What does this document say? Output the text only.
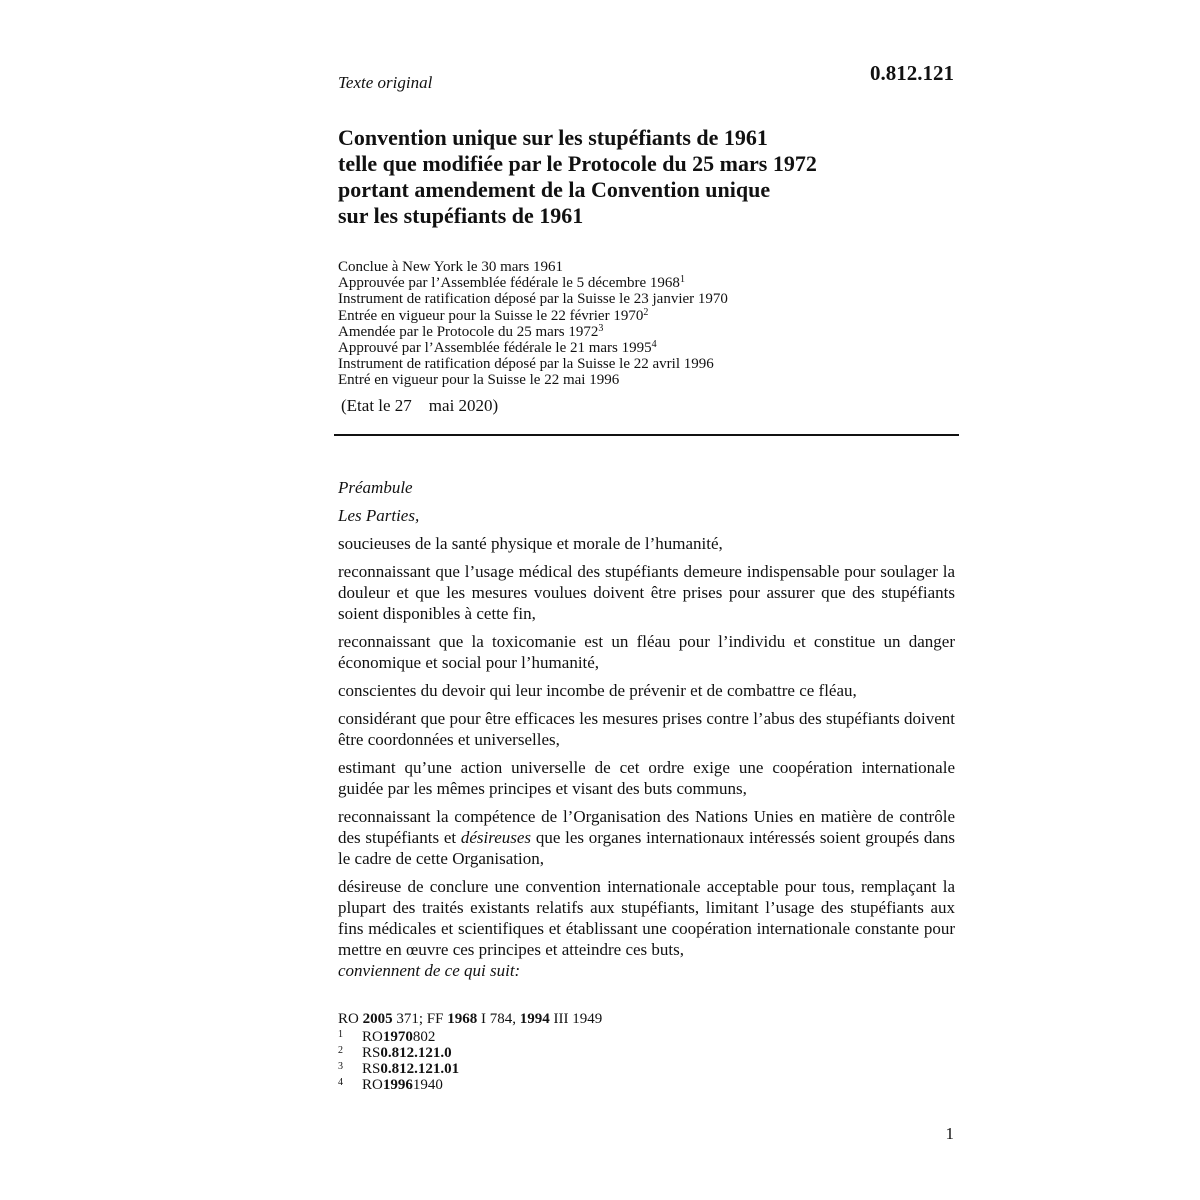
Texte original	0.812.121
Convention unique sur les stupéfiants de 1961
telle que modifiée par le Protocole du 25 mars 1972
portant amendement de la Convention unique
sur les stupéfiants de 1961
Conclue à New York le 30 mars 1961
Approuvée par l’Assemblée fédérale le 5 décembre 1968$^1$
Instrument de ratification déposé par la Suisse le 23 janvier 1970
Entrée en vigueur pour la Suisse le 22 février 1970$^2$
Amendée par le Protocole du 25 mars 1972$^3$
Approuvé par l’Assemblée fédérale le 21 mars 1995$^4$
Instrument de ratification déposé par la Suisse le 22 avril 1996
Entré en vigueur pour la Suisse le 22 mai 1996
(Etat le 27    mai 2020)

Préambule

Les Parties,

soucieuses de la santé physique et morale de l’humanité,

reconnaissant que l’usage médical des stupéfiants demeure indispensable pour soulager la douleur et que les mesures voulues doivent être prises pour assurer que des stupéfiants soient disponibles à cette fin,

reconnaissant que la toxicomanie est un fléau pour l’individu et constitue un danger économique et social pour l’humanité,

conscientes du devoir qui leur incombe de prévenir et de combattre ce fléau,

considérant que pour être efficaces les mesures prises contre l’abus des stupéfiants doivent être coordonnées et universelles,

estimant qu’une action universelle de cet ordre exige une coopération internationale guidée par les mêmes principes et visant des buts communs,

reconnaissant la compétence de l’Organisation des Nations Unies en matière de contrôle des stupéfiants et désireuses que les organes internationaux intéressés soient groupés dans le cadre de cette Organisation,

désireuse de conclure une convention internationale acceptable pour tous, remplaçant la plupart des traités existants relatifs aux stupéfiants, limitant l’usage des stupéfiants aux fins médicales et scientifiques et établissant une coopération internationale constante pour mettre en œuvre ces principes et atteindre ces buts,

conviennent de ce qui suit:

RO 2005 371; FF 1968 I 784, 1994 III 1949
1	RO 1970 802
2	RS 0.812.121.0
3	RS 0.812.121.01
4	RO 1996 1940
1
